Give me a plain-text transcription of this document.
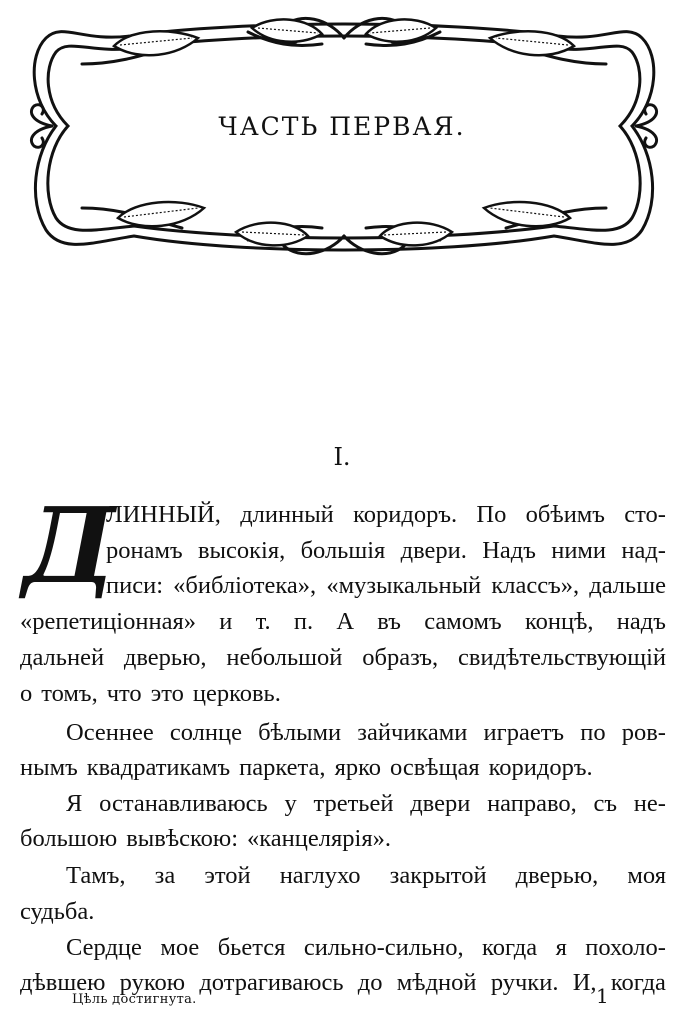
ЧАСТЬ ПЕРВАЯ.
I.
Д
ЛИННЫЙ, длинный коридоръ. По обѣимъ сто-
ронамъ высокія, большія двери. Надъ ними над-
писи: «библіотека», «музыкальный классъ», дальше
«репетиціонная» и т. п. А въ самомъ концѣ, надъ
дальней дверью, небольшой образъ, свидѣтельствующій
о томъ, что это церковь.
Осеннее солнце бѣлыми зайчиками играетъ по ров-
нымъ квадратикамъ паркета, ярко освѣщая коридоръ.
Я останавливаюсь у третьей двери направо, съ не-
большою вывѣскою: «канцелярія».
Тамъ, за этой наглухо закрытой дверью, моя
судьба.
Сердце мое бьется сильно-сильно, когда я похоло-
дѣвшею рукою дотрагиваюсь до мѣдной ручки. И, когда
Цѣль достигнута.	1
